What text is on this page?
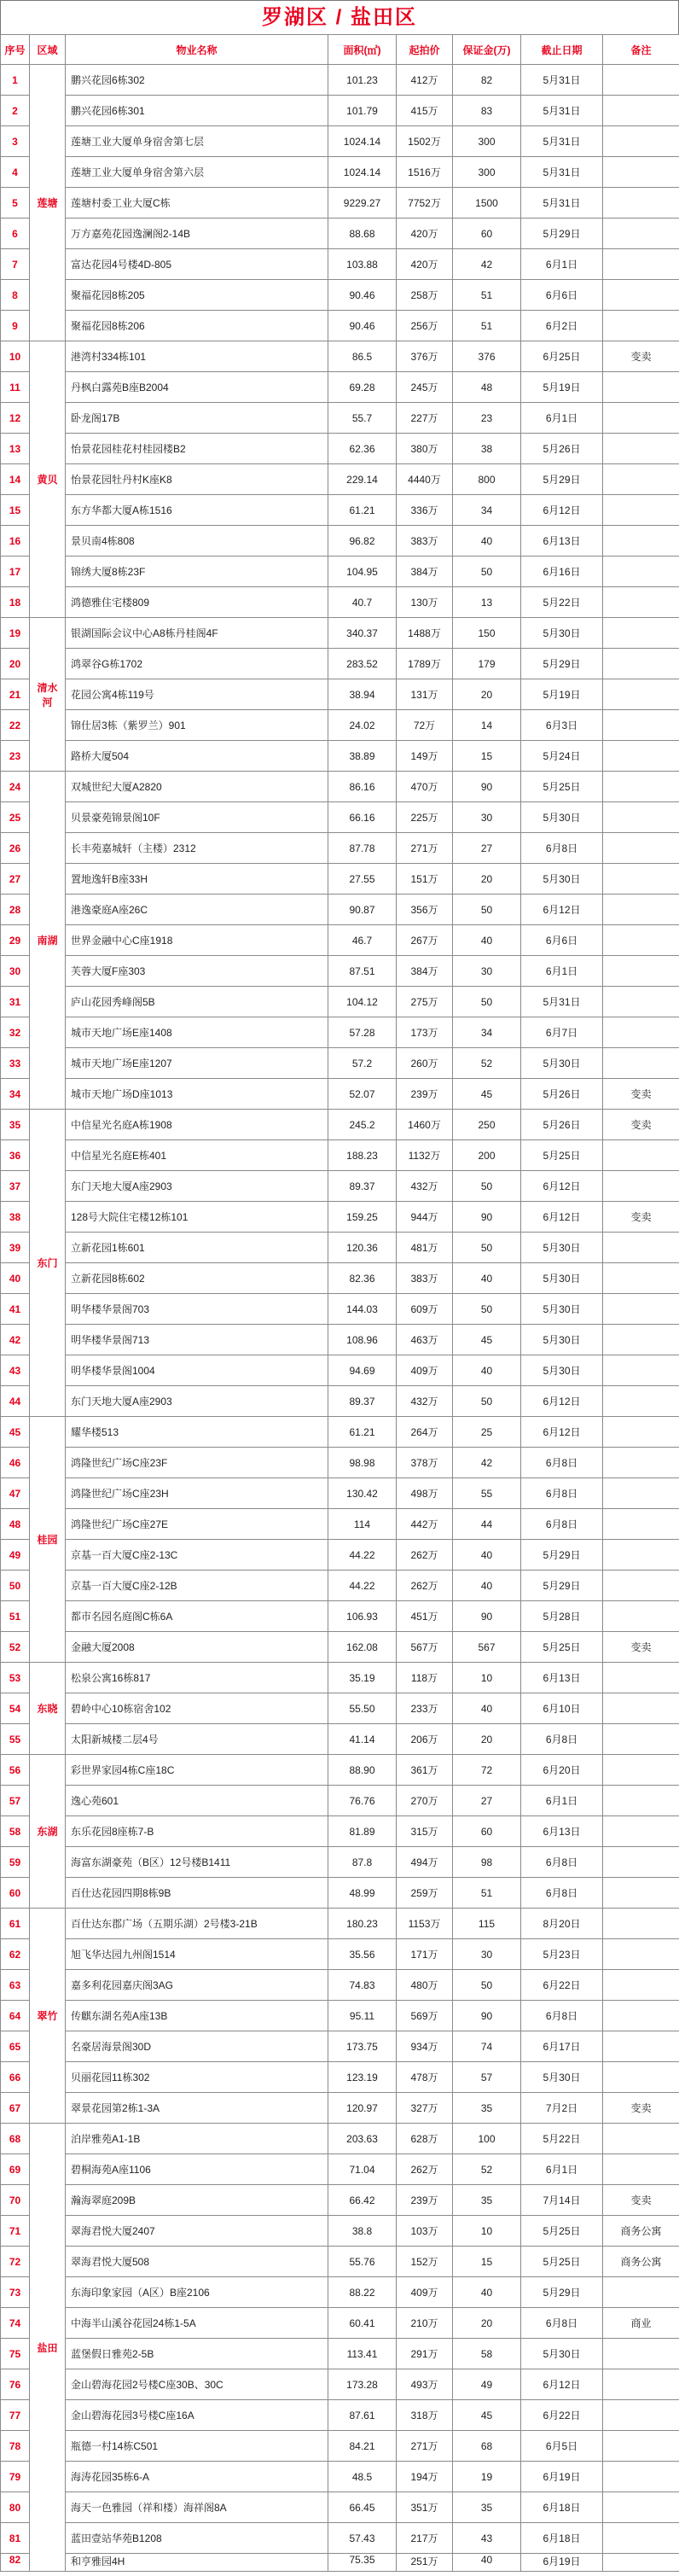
罗湖区 / 盐田区
序号	区域	物业名称	面积(㎡)	起拍价	保证金(万)	截止日期	备注
1	莲塘	鹏兴花园6栋302	101.23	412万	82	5月31日	
2		鹏兴花园6栋301	101.79	415万	83	5月31日	
3		莲塘工业大厦单身宿舍第七层	1024.14	1502万	300	5月31日	
4		莲塘工业大厦单身宿舍第六层	1024.14	1516万	300	5月31日	
5		莲塘村委工业大厦C栋	9229.27	7752万	1500	5月31日	
6		万方嘉苑花园逸澜阁2-14B	88.68	420万	60	5月29日	
7		富达花园4号楼4D-805	103.88	420万	42	6月1日	
8		聚福花园8栋205	90.46	258万	51	6月6日	
9		聚福花园8栋206	90.46	256万	51	6月2日	
10	黄贝	港湾村334栋101	86.5	376万	376	6月25日	变卖
11		丹枫白露苑B座B2004	69.28	245万	48	5月19日	
12		卧龙阁17B	55.7	227万	23	6月1日	
13		怡景花园桂花村桂园楼B2	62.36	380万	38	5月26日	
14		怡景花园牡丹村K座K8	229.14	4440万	800	5月29日	
15		东方华都大厦A栋1516	61.21	336万	34	6月12日	
16		景贝南4栋808	96.82	383万	40	6月13日	
17		锦绣大厦8栋23F	104.95	384万	50	6月16日	
18		鸿德雅住宅楼809	40.7	130万	13	5月22日	
19	清水河	银湖国际会议中心A8栋丹桂阁4F	340.37	1488万	150	5月30日	
20		鸿翠谷G栋1702	283.52	1789万	179	5月29日	
21		花园公寓4栋119号	38.94	131万	20	5月19日	
22		锦仕居3栋（紫罗兰）901	24.02	72万	14	6月3日	
23		路桥大厦504	38.89	149万	15	5月24日	
24	南湖	双城世纪大厦A2820	86.16	470万	90	5月25日	
25		贝景豪苑锦景阁10F	66.16	225万	30	5月30日	
26		长丰苑嘉城轩（主楼）2312	87.78	271万	27	6月8日	
27		置地逸轩B座33H	27.55	151万	20	5月30日	
28		港逸豪庭A座26C	90.87	356万	50	6月12日	
29		世界金融中心C座1918	46.7	267万	40	6月6日	
30		芙蓉大厦F座303	87.51	384万	30	6月1日	
31		庐山花园秀峰阁5B	104.12	275万	50	5月31日	
32		城市天地广场E座1408	57.28	173万	34	6月7日	
33		城市天地广场E座1207	57.2	260万	52	5月30日	
34		城市天地广场D座1013	52.07	239万	45	5月26日	变卖
35	东门	中信星光名庭A栋1908	245.2	1460万	250	5月26日	变卖
36		中信星光名庭E栋401	188.23	1132万	200	5月25日	
37		东门天地大厦A座2903	89.37	432万	50	6月12日	
38		128号大院住宅楼12栋101	159.25	944万	90	6月12日	变卖
39		立新花园1栋601	120.36	481万	50	5月30日	
40		立新花园8栋602	82.36	383万	40	5月30日	
41		明华楼华景阁703	144.03	609万	50	5月30日	
42		明华楼华景阁713	108.96	463万	45	5月30日	
43		明华楼华景阁1004	94.69	409万	40	5月30日	
44		东门天地大厦A座2903	89.37	432万	50	6月12日	
45	桂园	耀华楼513	61.21	264万	25	6月12日	
46		鸿隆世纪广场C座23F	98.98	378万	42	6月8日	
47		鸿隆世纪广场C座23H	130.42	498万	55	6月8日	
48		鸿隆世纪广场C座27E	114	442万	44	6月8日	
49		京基一百大厦C座2-13C	44.22	262万	40	5月29日	
50		京基一百大厦C座2-12B	44.22	262万	40	5月29日	
51		都市名园名庭阁C栋6A	106.93	451万	90	5月28日	
52		金融大厦2008	162.08	567万	567	5月25日	变卖
53	东晓	松泉公寓16栋817	35.19	118万	10	6月13日	
54		碧岭中心10栋宿舍102	55.50	233万	40	6月10日	
55		太阳新城楼二层4号	41.14	206万	20	6月8日	
56	东湖	彩世界家园4栋C座18C	88.90	361万	72	6月20日	
57		逸心苑601	76.76	270万	27	6月1日	
58		东乐花园8座栋7-B	81.89	315万	60	6月13日	
59		海富东湖豪苑（B区）12号楼B1411	87.8	494万	98	6月8日	
60		百仕达花园四期8栋9B	48.99	259万	51	6月8日	
61	翠竹	百仕达东郡广场（五期乐湖）2号楼3-21B	180.23	1153万	115	8月20日	
62		旭飞华达园九州阁1514	35.56	171万	30	5月23日	
63		嘉多利花园嘉庆阁3AG	74.83	480万	50	6月22日	
64		传麒东湖名苑A座13B	95.11	569万	90	6月8日	
65		名豪居海景阁30D	173.75	934万	74	6月17日	
66		贝丽花园11栋302	123.19	478万	57	5月30日	
67		翠景花园第2栋1-3A	120.97	327万	35	7月2日	变卖
68	盐田	泊岸雅苑A1-1B	203.63	628万	100	5月22日	
69		碧桐海苑A座1106	71.04	262万	52	6月1日	
70		瀚海翠庭209B	66.42	239万	35	7月14日	变卖
71		翠海君悦大厦2407	38.8	103万	10	5月25日	商务公寓
72		翠海君悦大厦508	55.76	152万	15	5月25日	商务公寓
73		东海印象家园（A区）B座2106	88.22	409万	40	5月29日	
74		中海半山溪谷花园24栋1-5A	60.41	210万	20	6月8日	商业
75		蓝堡假日雅苑2-5B	113.41	291万	58	5月30日	
76		金山碧海花园2号楼C座30B、30C	173.28	493万	49	6月12日	
77		金山碧海花园3号楼C座16A	87.61	318万	45	6月22日	
78		瓶德一村14栋C501	84.21	271万	68	6月5日	
79		海涛花园35栋6-A	48.5	194万	19	6月19日	
80		海天一色雅园（祥和楼）海祥阁8A	66.45	351万	35	6月18日	
81		蓝田壹站华苑B1208	57.43	217万	43	6月18日	
82		和亨雅园4H	75.35	251万	40	6月19日	
